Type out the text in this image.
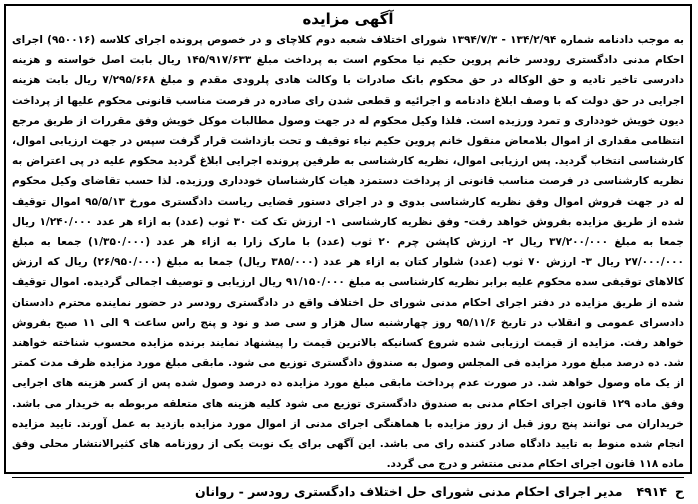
آگهی مزایده

به موجب دادنامه شماره ۱۳۴/۲/۹۴ - ۱۳۹۴/۷/۳ شورای اختلاف شعبه دوم کلاچای و در خصوص پرونده اجرای کلاسه (۹۵۰۰۱۶) اجرای احکام مدنی دادگستری رودسر خانم پروین حکیم نیا محکوم است به پرداخت مبلغ ۱۴۵/۹۱۷/۶۳۳ ریال بابت اصل خواسته و هزینه دادرسی تاخیر تادیه و حق الوکاله در حق محکوم بانک صادرات با وکالت هادی پلرودی مقدم و مبلغ ۷/۲۹۵/۶۶۸ ریال بابت هزینه اجرایی در حق دولت که با وصف ابلاغ دادنامه و اجرائیه و قطعی شدن رای صادره در فرصت مناسب قانونی محکوم علیها از پرداخت دیون خویش خودداری و تمرد ورزیده است. فلذا وکیل محکوم له در جهت وصول مطالبات موکل خویش وفق مقررات از طریق مرجع انتظامی مقداری از اموال بلامعاض منقول خانم پروین حکیم نیاء توقیف و تحت بازداشت قرار گرفت سپس در جهت ارزیابی اموال، کارشناسی انتخاب گردید. پس ارزیابی اموال، نظریه کارشناسی به طرفین پرونده اجرایی ابلاغ گردید محکوم علیه در پی اعتراض به نظریه کارشناسی در فرصت مناسب قانونی از پرداخت دستمزد هیات کارشناسان خودداری ورزیده. لذا حسب تقاضای وکیل محکوم له در جهت فروش اموال وفق نظریه کارشناسی بدوی و در اجرای دستور قضایی ریاست دادگستری مورخ ۹۵/۵/۱۳ اموال توقیف شده از طریق مزایده بفروش خواهد رفت- وفق نظریه کارشناسی ۱- ارزش تک کت ۳۰ ثوب (عدد) به ازاء هر عدد ۱/۲۴۰/۰۰۰ ریال جمعا به مبلغ ۳۷/۲۰۰/۰۰۰ ریال ۲- ارزش کاپشن چرم ۲۰ ثوب (عدد) با مارک زارا به ازاء هر عدد (۱/۳۵۰/۰۰۰) جمعا به مبلغ ۲۷/۰۰۰/۰۰۰ ریال ۳- ارزش ۷۰ ثوب (عدد) شلوار کتان به ازاء هر عدد (۳۸۵/۰۰۰ ریال) جمعا به مبلغ (۲۶/۹۵۰/۰۰۰) ریال که ارزش کالاهای توقیفی سده محکوم علیه برابر نظریه کارشناسی به مبلغ ۹۱/۱۵۰/۰۰۰ ریال ارزیابی و توصیف اجمالی گردیده. اموال توقیف شده از طریق مزایده در دفتر اجرای احکام مدنی شورای حل اختلاف واقع در دادگستری رودسر در حضور نماینده محترم دادستان دادسرای عمومی و انقلاب در تاریخ ۹۵/۱۱/۶ روز چهارشنبه سال هزار و سی صد و نود و پنج راس ساعت ۹ الی ۱۱ صبح بفروش خواهد رفت. مزایده از قیمت ارزیابی شده شروع کسانیکه بالاترین قیمت را پیشنهاد نمایند برنده مزایده محسوب شناخته خواهند شد. ده درصد مبلغ مورد مزایده فی المجلس وصول به صندوق دادگستری توزیع می شود. مابقی مبلغ مورد مزایده ظرف مدت کمتر از یک ماه وصول خواهد شد. در صورت عدم پرداخت مابقی مبلغ مورد مزایده ده درصد وصول شده پس از کسر هزینه های اجرایی وفق ماده ۱۲۹ قانون اجرای احکام مدنی به صندوق دادگستری توزیع می شود کلیه هزینه های متعلقه مربوطه به خریدار می باشد. خریداران می توانند پنج روز قبل از روز مزایده با هماهنگی اجرای مدنی از اموال مورد مزایده بازدید به عمل آورند. تایید مزایده انجام شده منوط به تایید دادگاه صادر کننده رای می باشد. این آگهی برای یک نوبت یکی از روزنامه های کثیرالانتشار محلی وفق ماده ۱۱۸ قانون اجرای احکام مدنی منتشر و درج می گردد.

ح
۴۹۱۴
مدیر اجرای احکام مدنی شورای حل اختلاف دادگستری رودسر - روانان
